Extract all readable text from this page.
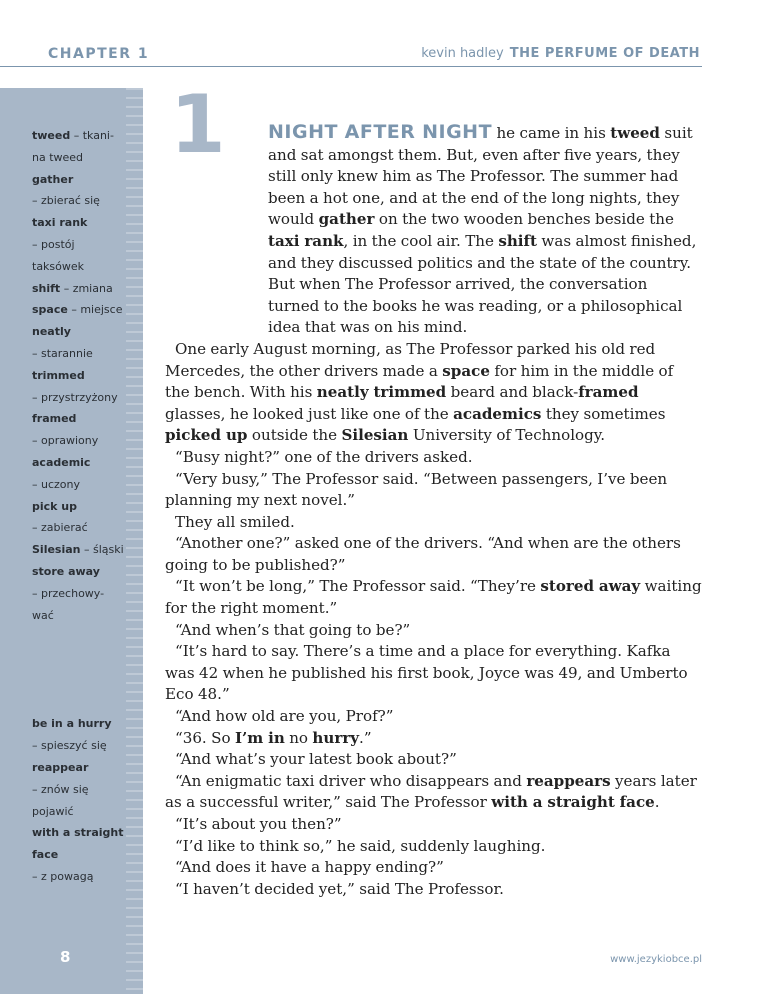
CHAPTER 1	kevin hadley THE PERFUME OF DEATH
tweed – tkani-
na tweed
gather
– zbierać się
taxi rank
– postój
taksówek
shift – zmiana
space – miejsce
neatly
– starannie
trimmed
– przystrzyżony
framed
– oprawiony
academic
– uczony
pick up
– zabierać
Silesian – śląski
store away
– przechowy-
wać
be in a hurry
– spieszyć się
reappear
– znów się
pojawić
with a straight
face
– z powagą
8
1	NIGHT AFTER NIGHT he came in his tweed suit and sat amongst them. But, even after five years, they still only knew him as The Professor. The summer had been a hot one, and at the end of the long nights, they would gather on the two wooden benches beside the taxi rank, in the cool air. The shift was almost finished, and they discussed politics and the state of the country. But when The Professor arrived, the conversation turned to the books he was reading, or a philosophical idea that was on his mind.

One early August morning, as The Professor parked his old red Mercedes, the other drivers made a space for him in the middle of the bench. With his neatly trimmed beard and black-framed glasses, he looked just like one of the academics they sometimes picked up outside the Silesian University of Technology.

“Busy night?” one of the drivers asked.

“Very busy,” The Professor said. “Between passengers, I’ve been planning my next novel.”

They all smiled.

“Another one?” asked one of the drivers. “And when are the others going to be published?”

“It won’t be long,” The Professor said. “They’re stored away waiting for the right moment.”

“And when’s that going to be?”

“It’s hard to say. There’s a time and a place for everything. Kafka was 42 when he published his first book, Joyce was 49, and Umberto Eco 48.”

“And how old are you, Prof?”

“36. So I’m in no hurry.”

“And what’s your latest book about?”

“An enigmatic taxi driver who disappears and reappears years later as a successful writer,” said The Professor with a straight face.

“It’s about you then?”

“I’d like to think so,” he said, suddenly laughing.

“And does it have a happy ending?”

“I haven’t decided yet,” said The Professor.

www.jezykiobce.pl
